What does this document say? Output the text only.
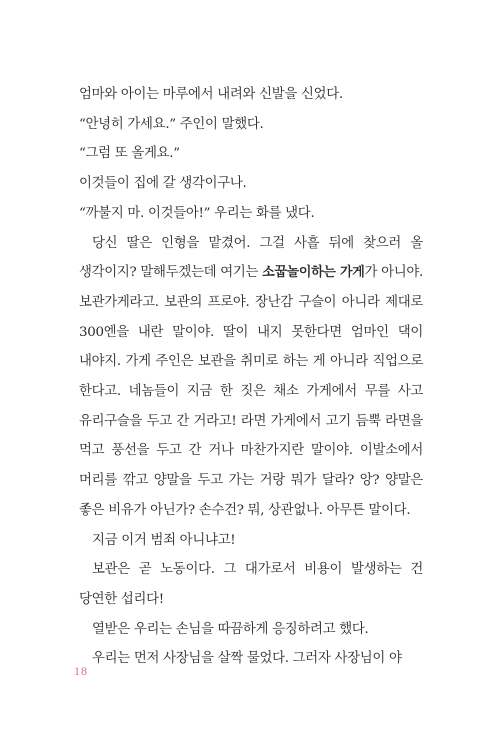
엄마와 아이는 마루에서 내려와 신발을 신었다.

“안녕히 가세요.” 주인이 말했다.

“그럼 또 올게요.”

이것들이 집에 갈 생각이구나.

“까불지 마. 이것들아!” 우리는 화를 냈다.

당신 딸은 인형을 맡겼어. 그걸 사흘 뒤에 찾으러 올 생각이지? 말해두겠는데 여기는 소꿉놀이하는 가게가 아니야. 보관가게라고. 보관의 프로야. 장난감 구슬이 아니라 제대로 300엔을 내란 말이야. 딸이 내지 못한다면 엄마인 댁이 내야지. 가게 주인은 보관을 취미로 하는 게 아니라 직업으로 한다고. 네놈들이 지금 한 짓은 채소 가게에서 무를 사고 유리구슬을 두고 간 거라고! 라면 가게에서 고기 듬뿍 라면을 먹고 풍선을 두고 간 거나 마찬가지란 말이야. 이발소에서 머리를 깎고 양말을 두고 가는 거랑 뭐가 달라? 앙? 양말은 좋은 비유가 아닌가? 손수건? 뭐, 상관없나. 아무튼 말이다.

지금 이거 범죄 아니냐고!

보관은 곧 노동이다. 그 대가로서 비용이 발생하는 건 당연한 섭리다!

열받은 우리는 손님을 따끔하게 응징하려고 했다.

우리는 먼저 사장님을 살짝 물었다. 그러자 사장님이 야

18
